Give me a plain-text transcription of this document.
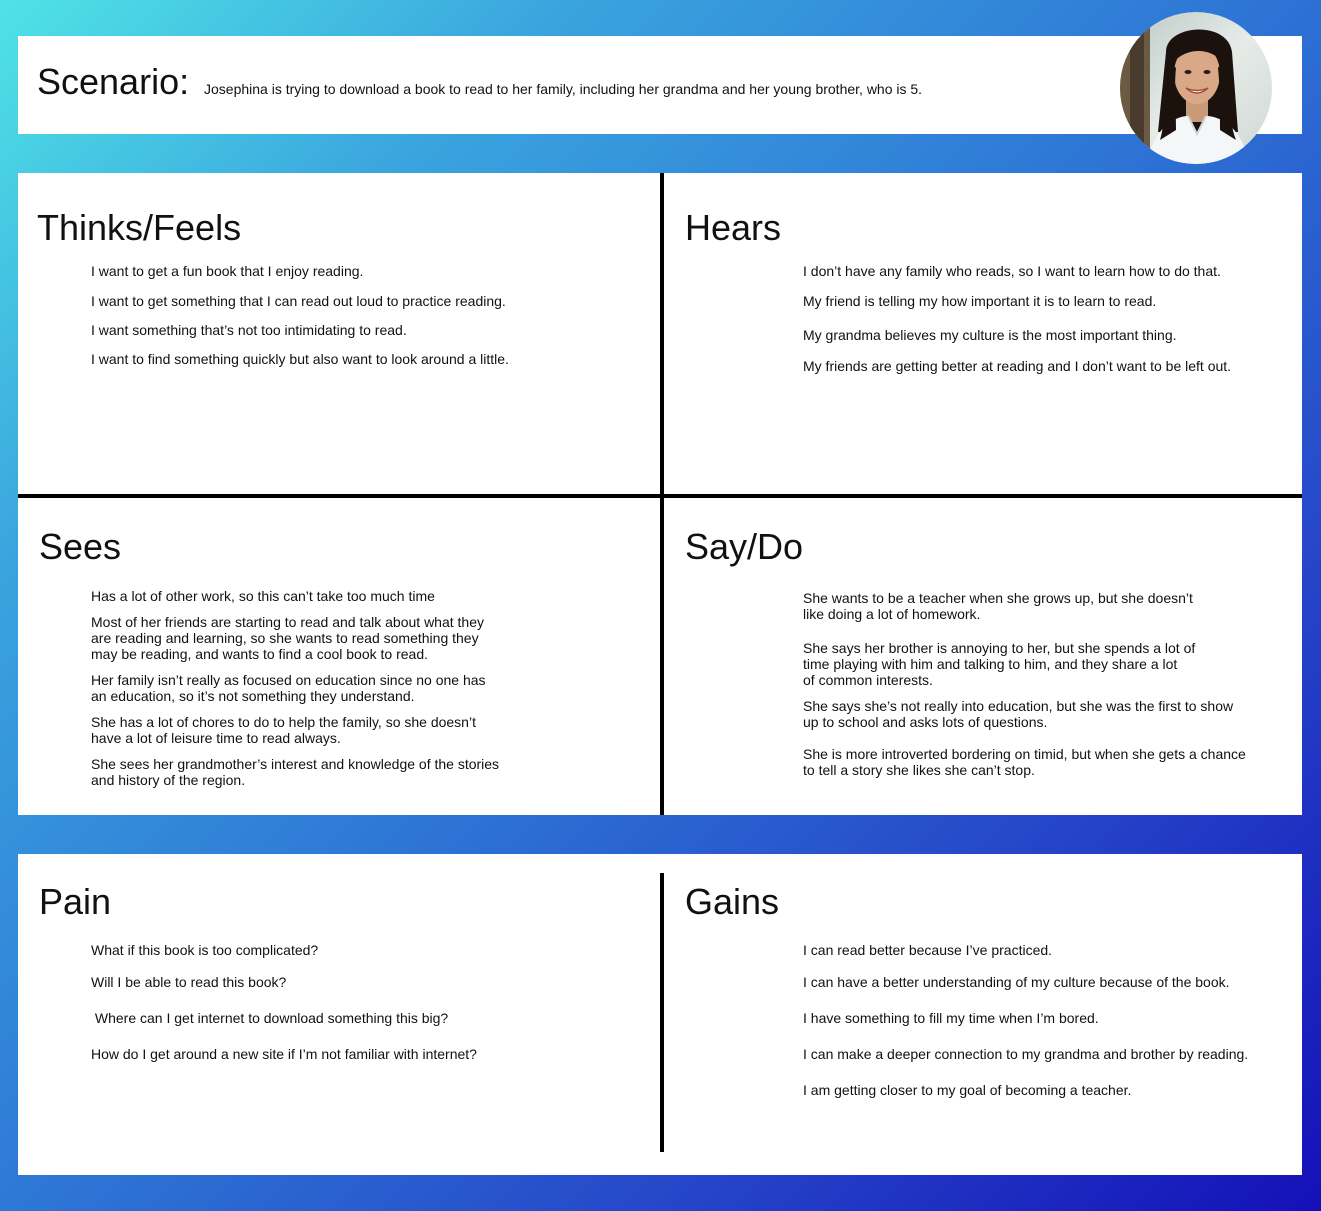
Scenario: Josephina is trying to download a book to read to her family, including her grandma and her young brother, who is 5.

Thinks/Feels

I want to get a fun book that I enjoy reading.

I want to get something that I can read out loud to practice reading.

I want something that’s not too intimidating to read.

I want to find something quickly but also want to look around a little.

Hears

I don’t have any family who reads, so I want to learn how to do that.

My friend is telling my how important it is to learn to read.

My grandma believes my culture is the most important thing.

My friends are getting better at reading and I don’t want to be left out.

Sees

Has a lot of other work, so this can’t take too much time

Most of her friends are starting to read and talk about what they
are reading and learning, so she wants to read something they
may be reading, and wants to find a cool book to read.

Her family isn’t really as focused on education since no one has
an education, so it’s not something they understand.

She has a lot of chores to do to help the family, so she doesn’t
have a lot of leisure time to read always.

She sees her grandmother’s interest and knowledge of the stories
and history of the region.

Say/Do

She wants to be a teacher when she grows up, but she doesn’t
like doing a lot of homework.

She says her brother is annoying to her, but she spends a lot of
time playing with him and talking to him, and they share a lot
of common interests.

She says she’s not really into education, but she was the first to show
up to school and asks lots of questions.

She is more introverted bordering on timid, but when she gets a chance
to tell a story she likes she can’t stop.

Pain

What if this book is too complicated?

Will I be able to read this book?

Where can I get internet to download something this big?

How do I get around a new site if I’m not familiar with internet?

Gains

I can read better because I’ve practiced.

I can have a better understanding of my culture because of the book.

I have something to fill my time when I’m bored.

I can make a deeper connection to my grandma and brother by reading.

I am getting closer to my goal of becoming a teacher.
